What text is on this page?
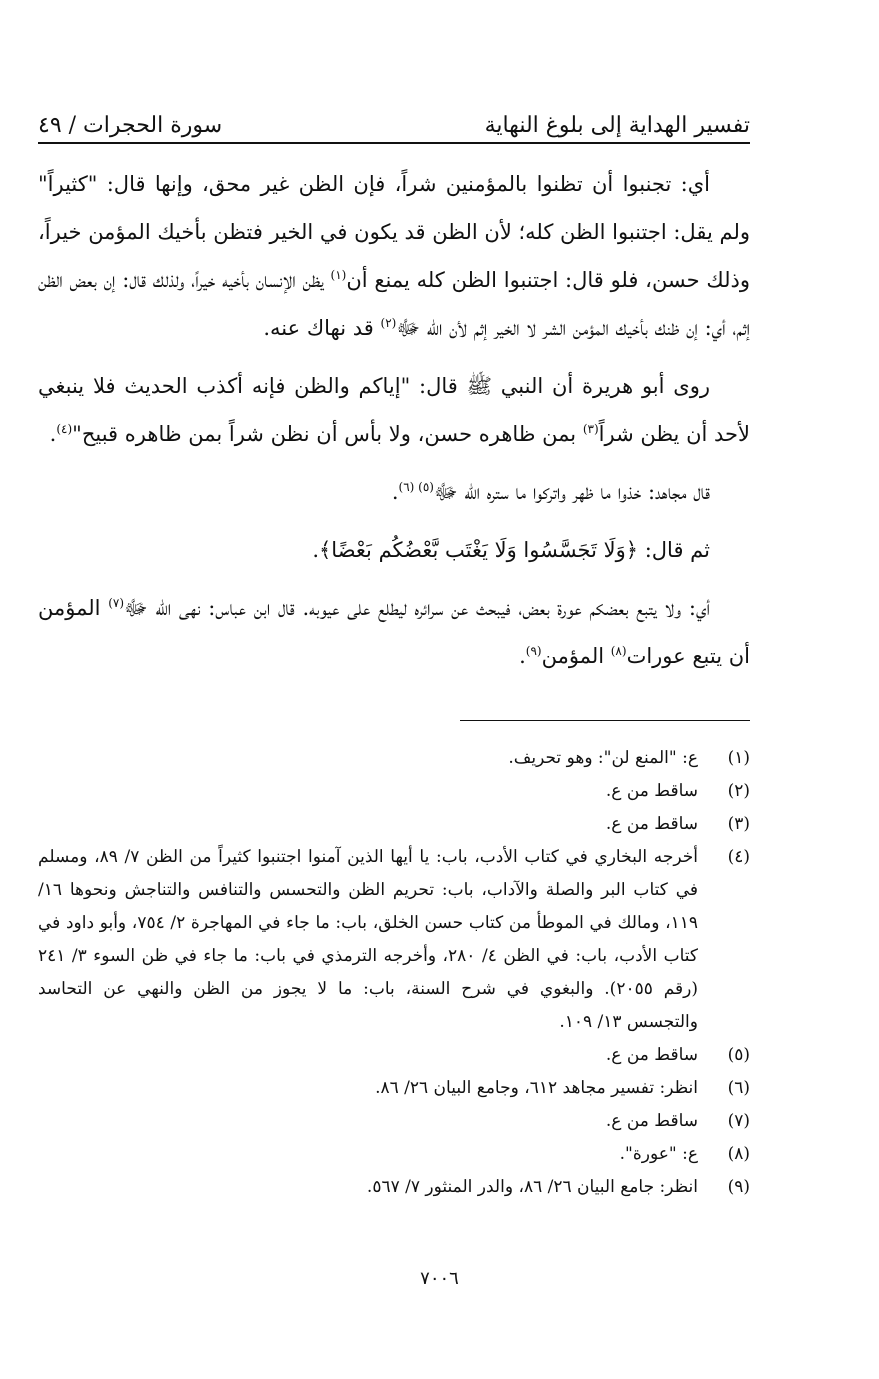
تفسير الهداية إلى بلوغ النهاية
سورة الحجرات / ٤٩

أي: تجنبوا أن تظنوا بالمؤمنين شراً، فإن الظن غير محق، وإنها قال: "كثيراً" ولم يقل: اجتنبوا الظن كله؛ لأن الظن قد يكون في الخير فتظن بأخيك المؤمن خيراً، وذلك حسن، فلو قال: اجتنبوا الظن كله يمنع أن$^{(١)}$ يظن الإنسان بأخيه خيراً، ولذلك قال: إن بعض الظن إثم، أي: إن ظنك بأخيك المؤمن الشر لا الخير إثم لأن الله ﷻ$^{(٢)}$ قد نهاك عنه.

روى أبو هريرة أن النبي ﷺ قال: "إياكم والظن فإنه أكذب الحديث فلا ينبغي لأحد أن يظن شراً$^{(٣)}$ بمن ظاهره حسن، ولا بأس أن نظن شراً بمن ظاهره قبيح"$^{(٤)}$.

قال مجاهد: خذوا ما ظهر واتركوا ما ستره الله ﷻ$^{(٥) (٦)}$.

ثم قال: ﴿وَلَا تَجَسَّسُوا وَلَا يَغْتَب بَّعْضُكُم بَعْضًا﴾.

أي: ولا يتبع بعضكم عورة بعض، فيبحث عن سرائره ليطلع على عيوبه. قال ابن عباس: نهى الله ﷻ$^{(٧)}$ المؤمن أن يتبع عورات$^{(٨)}$ المؤمن$^{(٩)}$.

(١)
ع: "المنع لن": وهو تحريف.
(٢)
ساقط من ع.
(٣)
ساقط من ع.
(٤)
أخرجه البخاري في كتاب الأدب، باب: يا أيها الذين آمنوا اجتنبوا كثيراً من الظن ٧/ ٨٩، ومسلم في كتاب البر والصلة والآداب، باب: تحريم الظن والتحسس والتنافس والتناجش ونحوها ١٦/ ١١٩، ومالك في الموطأ من كتاب حسن الخلق، باب: ما جاء في المهاجرة ٢/ ٧٥٤، وأبو داود في كتاب الأدب، باب: في الظن ٤/ ٢٨٠، وأخرجه الترمذي في باب: ما جاء في ظن السوء ٣/ ٢٤١ (رقم ٢٠٥٥). والبغوي في شرح السنة، باب: ما لا يجوز من الظن والنهي عن التحاسد والتجسس ١٣/ ١٠٩.
(٥)
ساقط من ع.
(٦)
انظر: تفسير مجاهد ٦١٢، وجامع البيان ٢٦/ ٨٦.
(٧)
ساقط من ع.
(٨)
ع: "عورة".
(٩)
انظر: جامع البيان ٢٦/ ٨٦، والدر المنثور ٧/ ٥٦٧.
٧٠٠٦
